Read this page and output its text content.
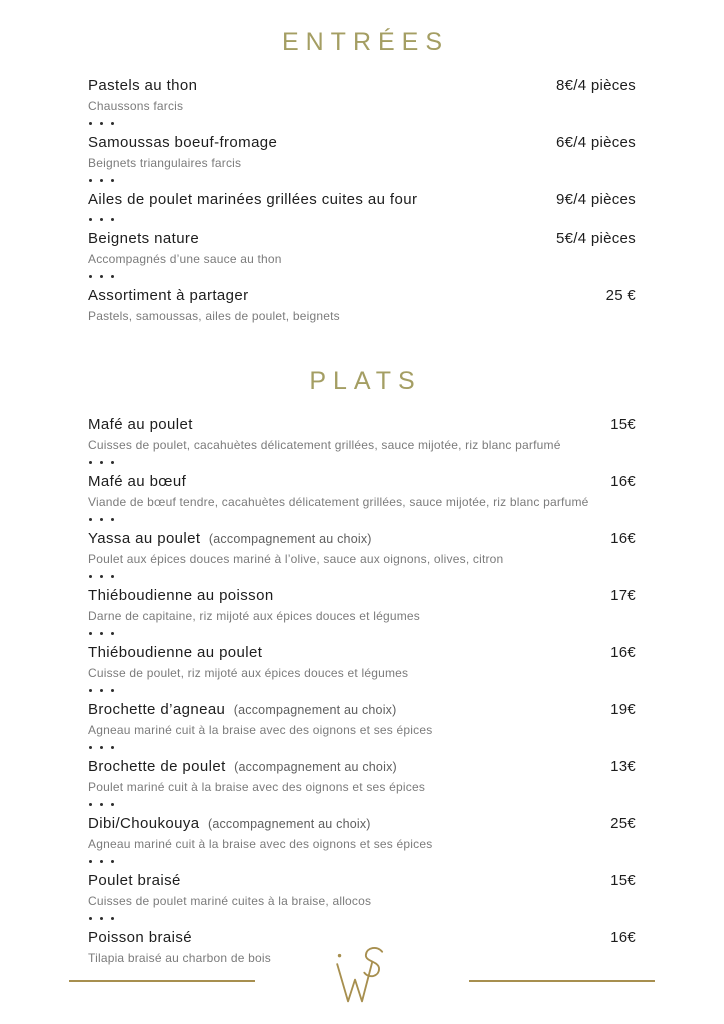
ENTRÉES
Pastels au thon	8€/4 pièces

Chaussons farcis

Samoussas boeuf-fromage	6€/4 pièces

Beignets triangulaires farcis

Ailes de poulet marinées grillées cuites au four	9€/4 pièces
Beignets nature	5€/4 pièces

Accompagnés d’une sauce au thon

Assortiment à partager	25 €

Pastels, samoussas, ailes de poulet, beignets

PLATS
Mafé au poulet	15€

Cuisses de poulet, cacahuètes délicatement grillées, sauce mijotée, riz blanc parfumé

Mafé au bœuf	16€

Viande de bœuf tendre, cacahuètes délicatement grillées, sauce mijotée, riz blanc parfumé

Yassa au poulet (accompagnement au choix)	16€

Poulet aux épices douces mariné à l’olive, sauce aux oignons, olives, citron

Thiéboudienne au poisson	17€

Darne de capitaine, riz mijoté aux épices douces et légumes

Thiéboudienne au poulet	16€

Cuisse de poulet, riz mijoté aux épices douces et légumes

Brochette d’agneau (accompagnement au choix)	19€

Agneau mariné cuit à la braise avec des oignons et ses épices

Brochette de poulet (accompagnement au choix)	13€

Poulet mariné cuit à la braise avec des oignons et ses épices

Dibi/Choukouya (accompagnement au choix)	25€

Agneau mariné cuit à la braise avec des oignons et ses épices

Poulet braisé	15€

Cuisses de poulet mariné cuites à la braise, allocos

Poisson braisé	16€

Tilapia braisé au charbon de bois
